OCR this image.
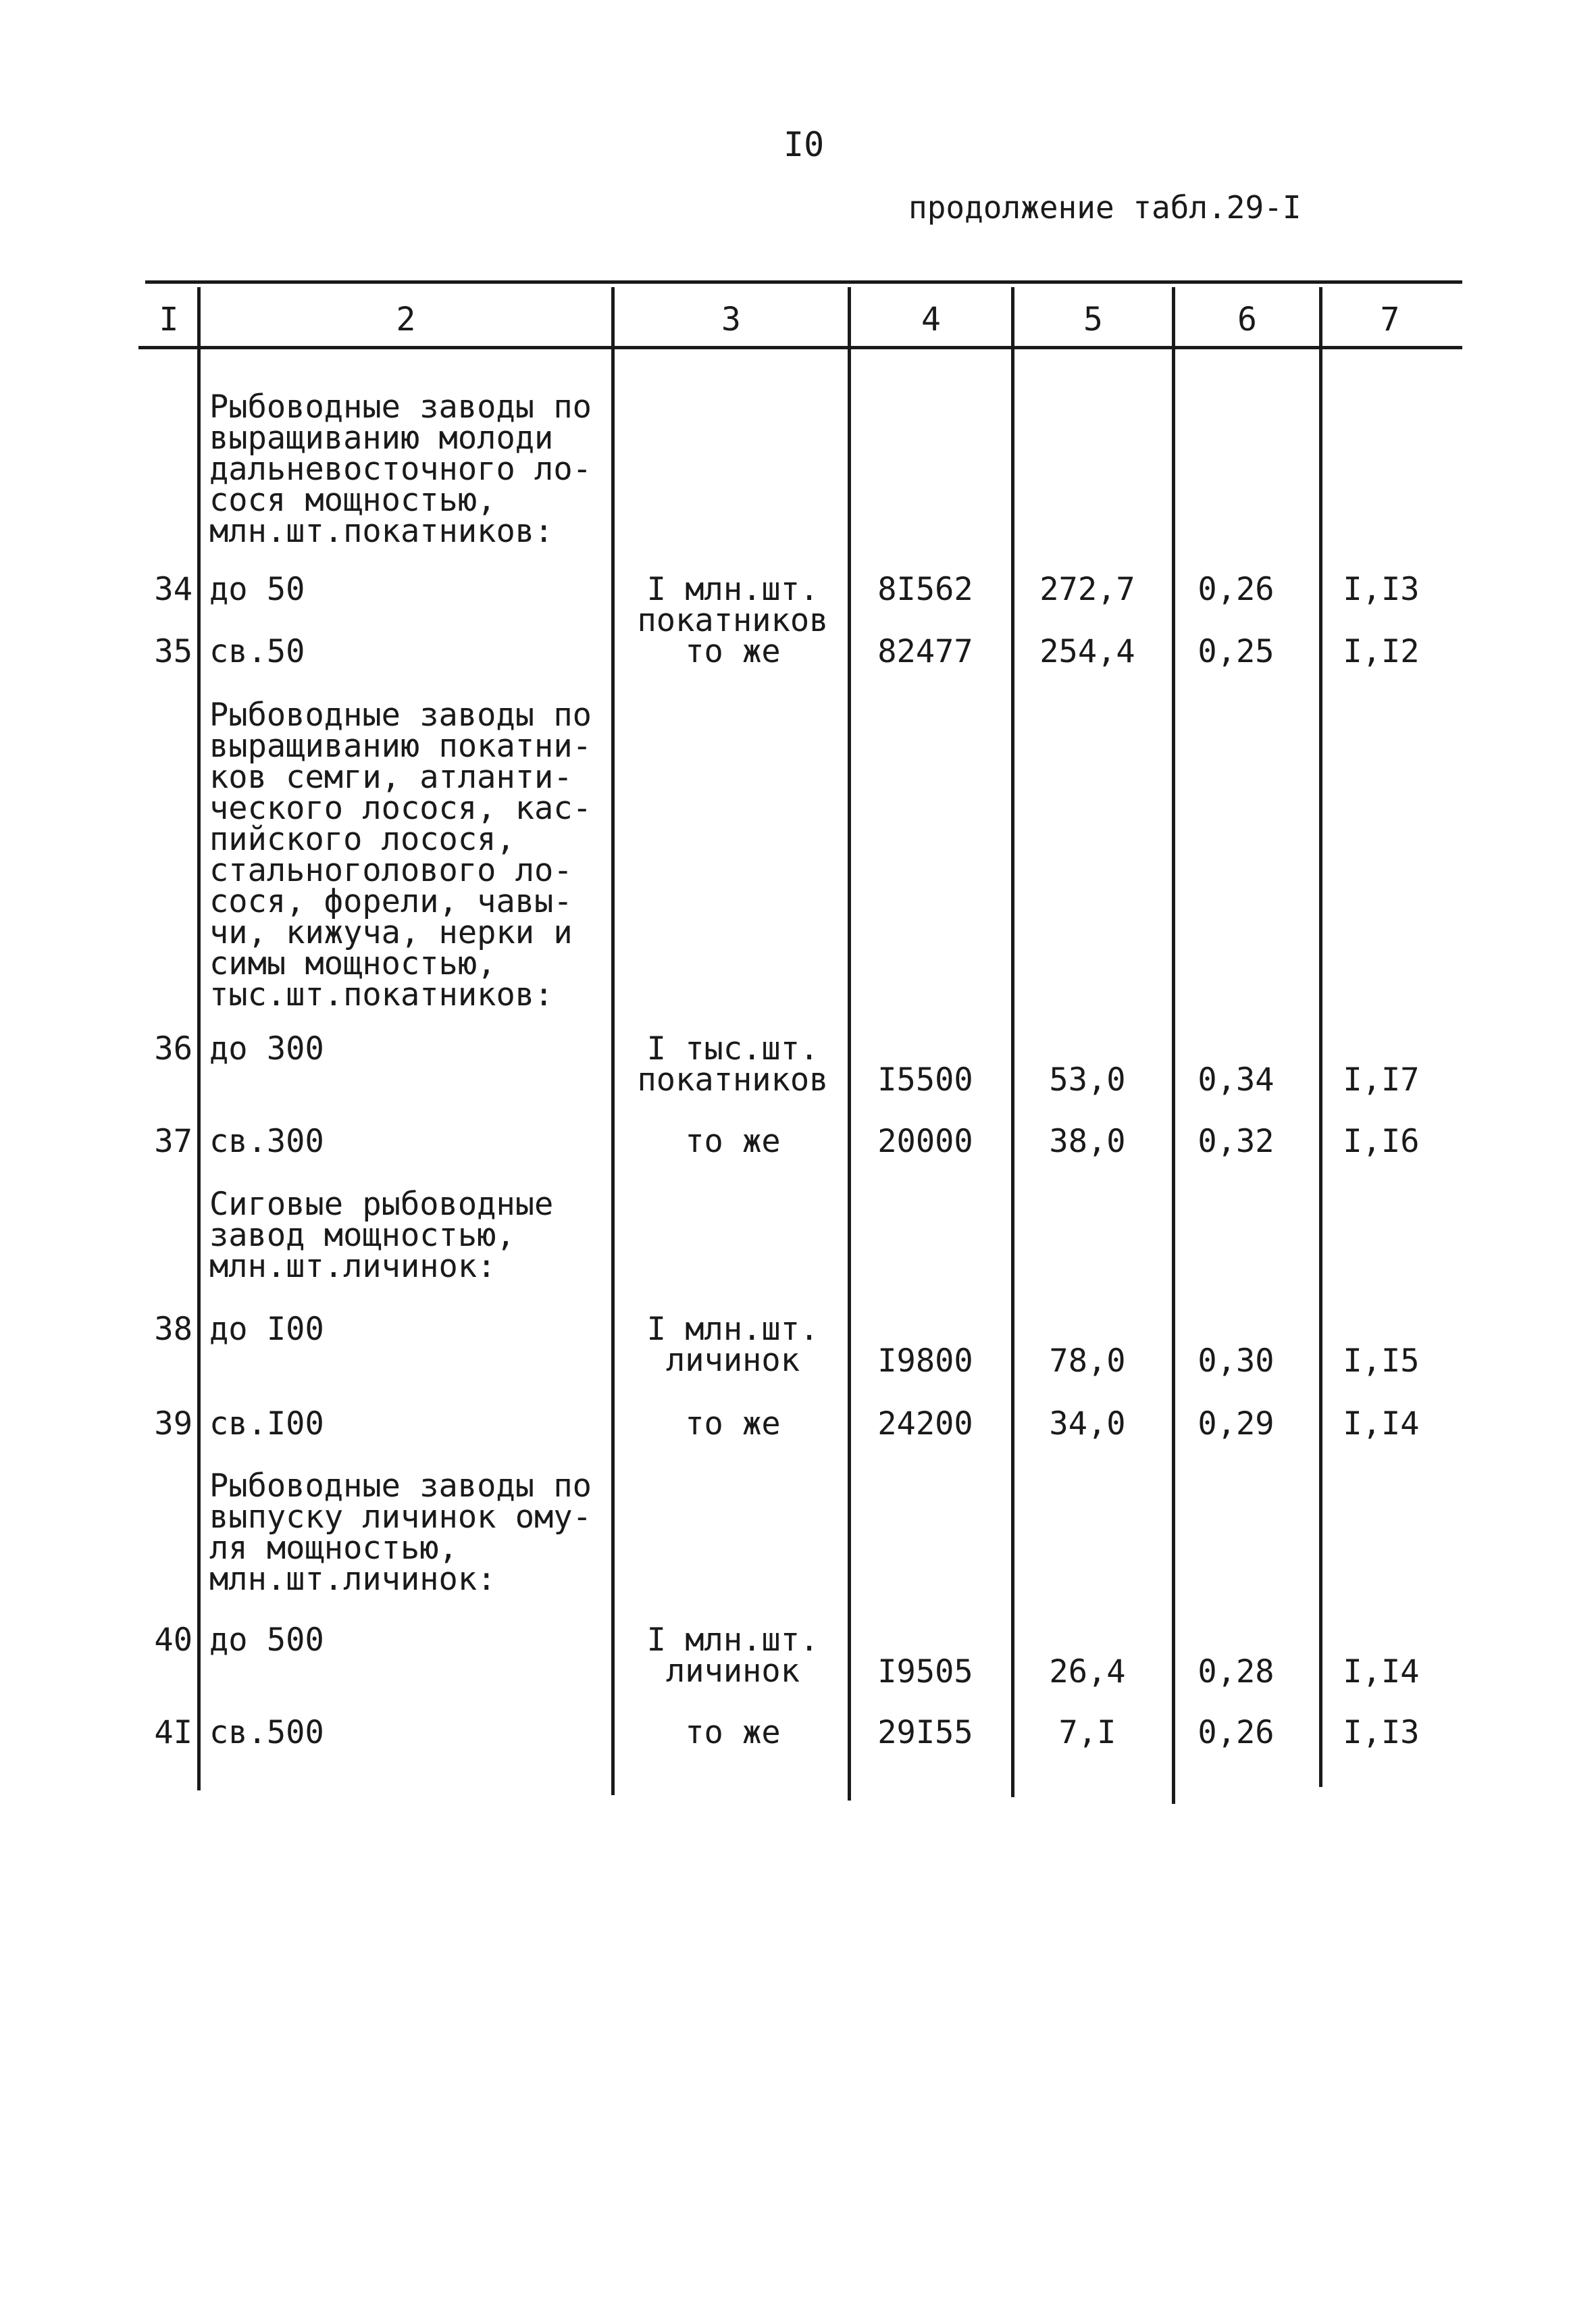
I0
продолжение табл.29-I
I	2	3	4	5	6	7
Рыбоводные заводы по
выращиванию молоди
дальневосточного ло-
сося мощностью,
млн.шт.покатников:
34 до 50	I млн.шт.
покатников
8I562	272,7	0,26	I,I3
35 св.50	то же	82477	254,4	0,25	I,I2
Рыбоводные заводы по
выращиванию покатни-
ков семги, атланти-
ческого лосося, кас-
пийского лосося,
стальноголового ло-
сося, форели, чавы-
чи, кижуча, нерки и
симы мощностью,
тыс.шт.покатников:
36 до 300	I тыс.шт.
покатников	I5500	53,0	0,34	I,I7
37 св.300	то же	20000	38,0	0,32	I,I6
Сиговые рыбоводные
завод мощностью,
млн.шт.личинок:
38 до I00	I млн.шт.
личинок	I9800	78,0	0,30	I,I5
39 св.I00	то же	24200	34,0	0,29	I,I4
Рыбоводные заводы по
выпуску личинок ому-
ля мощностью,
млн.шт.личинок:
40 до 500	I млн.шт.
личинок	I9505	26,4	0,28	I,I4
4I св.500	то же	29I55	7,I	0,26	I,I3
